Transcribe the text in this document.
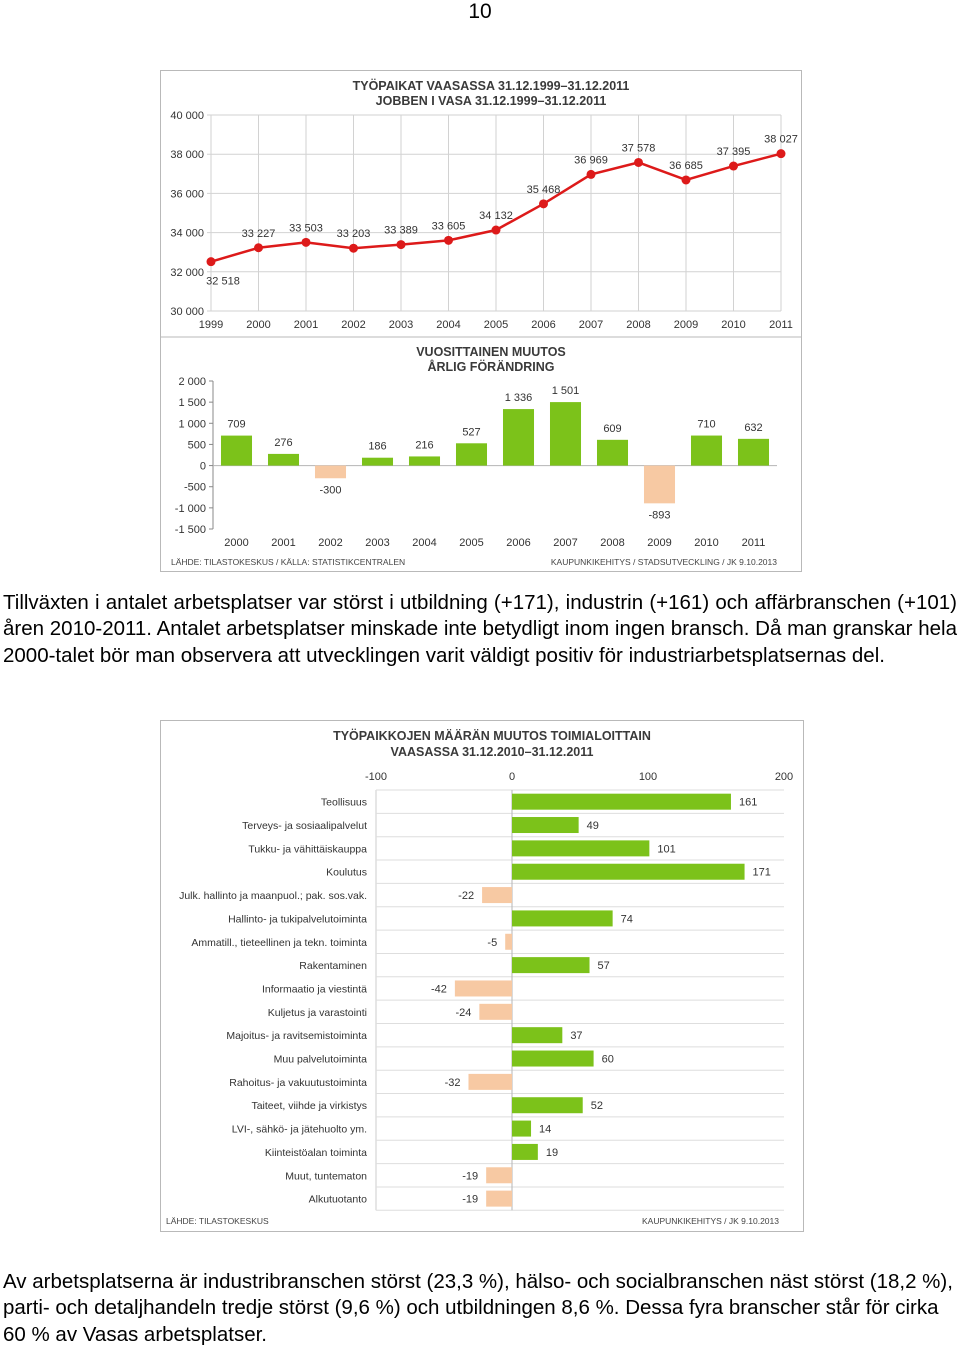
10
TYÖPAIKAT VAASASSA 31.12.1999–31.12.2011
JOBBEN I VASA 31.12.1999–31.12.2011
30 000
32 000
34 000
36 000
38 000
40 000
1999 2000 2001 2002 2003 2004 2005 2006 2007 2008 2009 2010 2011
32 518
33 227 33 503 33 203 33 389 33 605
34 132
35 468
36 969
37 578
36 685
37 395
38 027
VUOSITTAINEN MUUTOS
ÅRLIG FÖRÄNDRING
-1 500
-1 000
-500
0
500
1 000
1 500
2 000
709
2000
276
2001
-300
2002
186
2003
216
2004
527
2005
1 336
2006
1 501
2007
609
2008
-893
2009
710
2010
632
2011
LÄHDE: TILASTOKESKUS / KÄLLA: STATISTIKCENTRALEN	KAUPUNKIKEHITYS / STADSUTVECKLING / JK 9.10.2013
Tillväxten i antalet arbetsplatser var störst i utbildning (+171), industrin (+161) och affärbranschen (+101) åren 2010-2011. Antalet arbetsplatser minskade inte betydligt inom ingen bransch. Då man granskar hela 2000-talet bör man observera att utvecklingen varit väldigt positiv för industriarbetsplatsernas del.
TYÖPAIKKOJEN MÄÄRÄN MUUTOS TOIMIALOITTAIN
VAASASSA 31.12.2010–31.12.2011
-100	0	100	200
Teollisuus	161
Terveys- ja sosiaalipalvelut	49
Tukku- ja vähittäiskauppa	101
Koulutus	171
Julk. hallinto ja maanpuol.; pak. sos.vak.	-22
Hallinto- ja tukipalvelutoiminta	74
Ammatill., tieteellinen ja tekn. toiminta	-5
Rakentaminen	57
Informaatio ja viestintä	-42
Kuljetus ja varastointi	-24
Majoitus- ja ravitsemistoiminta	37
Muu palvelutoiminta	60
Rahoitus- ja vakuutustoiminta	-32
Taiteet, viihde ja virkistys	52
LVI-, sähkö- ja jätehuolto ym.	14
Kiinteistöalan toiminta	19
Muut, tuntematon	-19
Alkutuotanto	-19
LÄHDE: TILASTOKESKUS	KAUPUNKIKEHITYS / JK 9.10.2013
Av arbetsplatserna är industribranschen störst (23,3 %), hälso- och socialbranschen näst störst (18,2 %), parti- och detaljhandeln tredje störst (9,6 %) och utbildningen 8,6 %. Dessa fyra branscher står för cirka 60 % av Vasas arbetsplatser.
